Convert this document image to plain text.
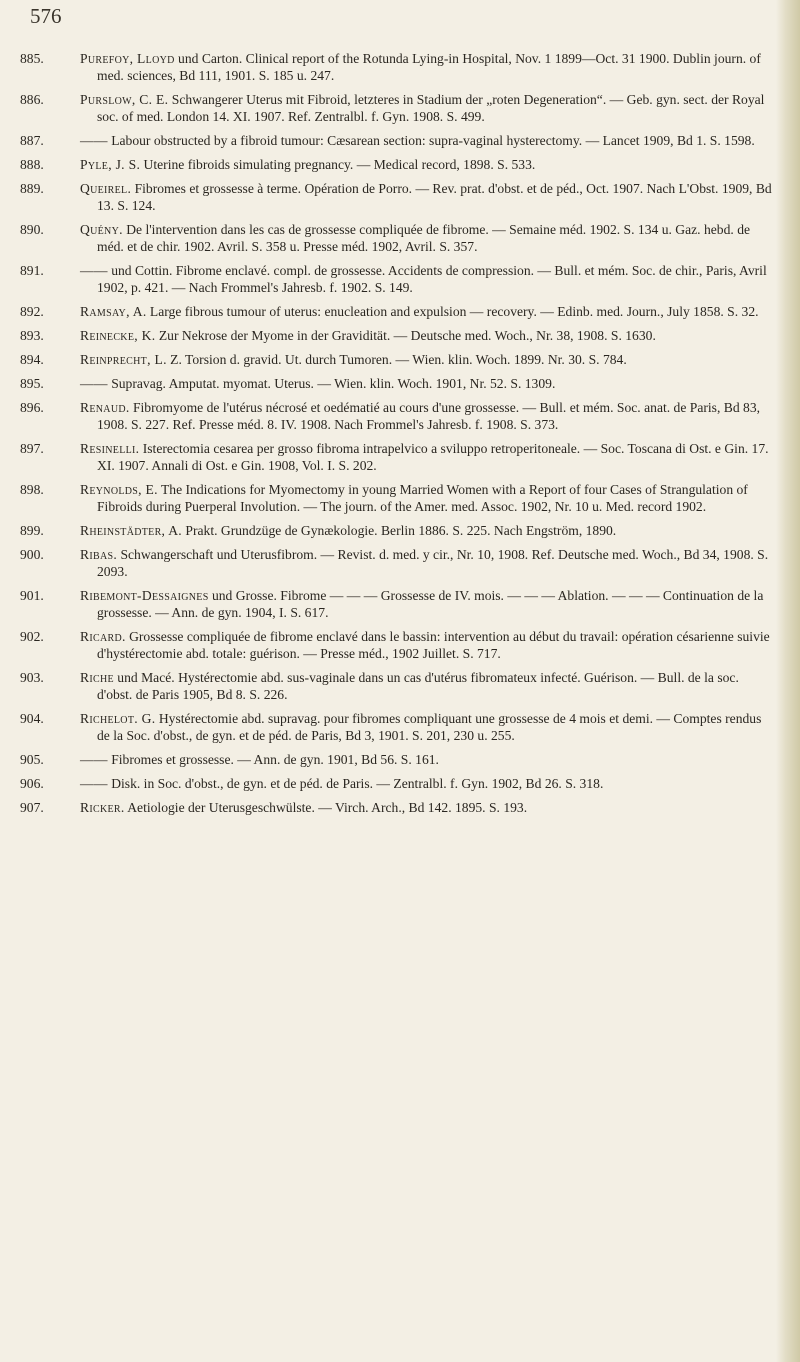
576
885.	Purefoy, Lloyd und Carton. Clinical report of the Rotunda Lying-in Hospital, Nov. 1 1899—Oct. 31 1900. Dublin journ. of med. sciences, Bd 111, 1901. S. 185 u. 247.
886.	Purslow, C. E. Schwangerer Uterus mit Fibroid, letzteres in Stadium der „roten Degeneration“. — Geb. gyn. sect. der Royal soc. of med. London 14. XI. 1907. Ref. Zentralbl. f. Gyn. 1908. S. 499.
887.	—— Labour obstructed by a fibroid tumour: Cæsarean section: supra-vaginal hysterectomy. — Lancet 1909, Bd 1. S. 1598.
888.	Pyle, J. S. Uterine fibroids simulating pregnancy. — Medical record, 1898. S. 533.
889.	Queirel. Fibromes et grossesse à terme. Opération de Porro. — Rev. prat. d'obst. et de péd., Oct. 1907. Nach L'Obst. 1909, Bd 13. S. 124.
890.	Quény. De l'intervention dans les cas de grossesse compliquée de fibrome. — Semaine méd. 1902. S. 134 u. Gaz. hebd. de méd. et de chir. 1902. Avril. S. 358 u. Presse méd. 1902, Avril. S. 357.
891.	—— und Cottin. Fibrome enclavé. compl. de grossesse. Accidents de compression. — Bull. et mém. Soc. de chir., Paris, Avril 1902, p. 421. — Nach Frommel's Jahresb. f. 1902. S. 149.
892.	Ramsay, A. Large fibrous tumour of uterus: enucleation and expulsion — recovery. — Edinb. med. Journ., July 1858. S. 32.
893.	Reinecke, K. Zur Nekrose der Myome in der Gravidität. — Deutsche med. Woch., Nr. 38, 1908. S. 1630.
894.	Reinprecht, L. Z. Torsion d. gravid. Ut. durch Tumoren. — Wien. klin. Woch. 1899. Nr. 30. S. 784.
895.	—— Supravag. Amputat. myomat. Uterus. — Wien. klin. Woch. 1901, Nr. 52. S. 1309.
896.	Renaud. Fibromyome de l'utérus nécrosé et oedématié au cours d'une grossesse. — Bull. et mém. Soc. anat. de Paris, Bd 83, 1908. S. 227. Ref. Presse méd. 8. IV. 1908. Nach Frommel's Jahresb. f. 1908. S. 373.
897.	Resinelli. Isterectomia cesarea per grosso fibroma intrapelvico a sviluppo retroperitoneale. — Soc. Toscana di Ost. e Gin. 17. XI. 1907. Annali di Ost. e Gin. 1908, Vol. I. S. 202.
898.	Reynolds, E. The Indications for Myomectomy in young Married Women with a Report of four Cases of Strangulation of Fibroids during Puerperal Involution. — The journ. of the Amer. med. Assoc. 1902, Nr. 10 u. Med. record 1902.
899.	Rheinstädter, A. Prakt. Grundzüge de Gynækologie. Berlin 1886. S. 225. Nach Engström, 1890.
900.	Ribas. Schwangerschaft und Uterusfibrom. — Revist. d. med. y cir., Nr. 10, 1908. Ref. Deutsche med. Woch., Bd 34, 1908. S. 2093.
901.	Ribemont-Dessaignes und Grosse. Fibrome — — — Grossesse de IV. mois. — — — Ablation. — — — Continuation de la grossesse. — Ann. de gyn. 1904, I. S. 617.
902.	Ricard. Grossesse compliquée de fibrome enclavé dans le bassin: intervention au début du travail: opération césarienne suivie d'hystérectomie abd. totale: guérison. — Presse méd., 1902 Juillet. S. 717.
903.	Riche und Macé. Hystérectomie abd. sus-vaginale dans un cas d'utérus fibromateux infecté. Guérison. — Bull. de la soc. d'obst. de Paris 1905, Bd 8. S. 226.
904.	Richelot. G. Hystérectomie abd. supravag. pour fibromes compliquant une grossesse de 4 mois et demi. — Comptes rendus de la Soc. d'obst., de gyn. et de péd. de Paris, Bd 3, 1901. S. 201, 230 u. 255.
905.	—— Fibromes et grossesse. — Ann. de gyn. 1901, Bd 56. S. 161.
906.	—— Disk. in Soc. d'obst., de gyn. et de péd. de Paris. — Zentralbl. f. Gyn. 1902, Bd 26. S. 318.
907.	Ricker. Aetiologie der Uterusgeschwülste. — Virch. Arch., Bd 142. 1895. S. 193.
